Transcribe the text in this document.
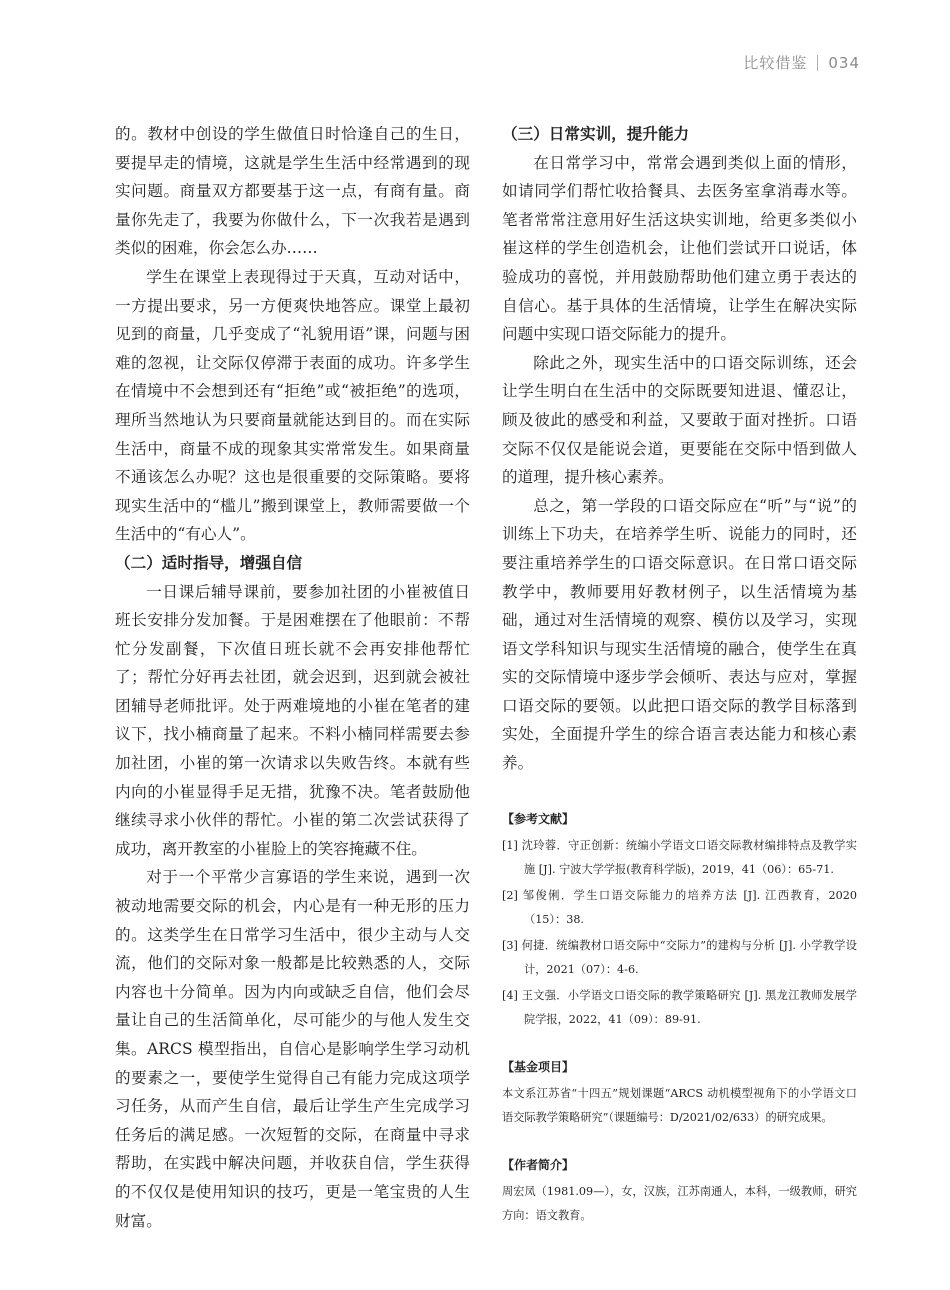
比较借鉴 034

的。教材中创设的学生做值日时恰逢自己的生日，要提早走的情境，这就是学生生活中经常遇到的现实问题。商量双方都要基于这一点，有商有量。商量你先走了，我要为你做什么，下一次我若是遇到类似的困难，你会怎么办……

学生在课堂上表现得过于天真，互动对话中，一方提出要求，另一方便爽快地答应。课堂上最初见到的商量，几乎变成了“礼貌用语”课，问题与困难的忽视，让交际仅停滞于表面的成功。许多学生在情境中不会想到还有“拒绝”或“被拒绝”的选项，理所当然地认为只要商量就能达到目的。而在实际生活中，商量不成的现象其实常常发生。如果商量不通该怎么办呢？这也是很重要的交际策略。要将现实生活中的“槛儿”搬到课堂上，教师需要做一个生活中的“有心人”。

（二）适时指导，增强自信

一日课后辅导课前，要参加社团的小崔被值日班长安排分发加餐。于是困难摆在了他眼前：不帮忙分发副餐，下次值日班长就不会再安排他帮忙了；帮忙分好再去社团，就会迟到，迟到就会被社团辅导老师批评。处于两难境地的小崔在笔者的建议下，找小楠商量了起来。不料小楠同样需要去参加社团，小崔的第一次请求以失败告终。本就有些内向的小崔显得手足无措，犹豫不决。笔者鼓励他继续寻求小伙伴的帮忙。小崔的第二次尝试获得了成功，离开教室的小崔脸上的笑容掩藏不住。

对于一个平常少言寡语的学生来说，遇到一次被动地需要交际的机会，内心是有一种无形的压力的。这类学生在日常学习生活中，很少主动与人交流，他们的交际对象一般都是比较熟悉的人，交际内容也十分简单。因为内向或缺乏自信，他们会尽量让自己的生活简单化，尽可能少的与他人发生交集。ARCS 模型指出，自信心是影响学生学习动机的要素之一，要使学生觉得自己有能力完成这项学习任务，从而产生自信，最后让学生产生完成学习任务后的满足感。一次短暂的交际，在商量中寻求帮助，在实践中解决问题，并收获自信，学生获得的不仅仅是使用知识的技巧，更是一笔宝贵的人生财富。

（三）日常实训，提升能力

在日常学习中，常常会遇到类似上面的情形，如请同学们帮忙收拾餐具、去医务室拿消毒水等。笔者常常注意用好生活这块实训地，给更多类似小崔这样的学生创造机会，让他们尝试开口说话，体验成功的喜悦，并用鼓励帮助他们建立勇于表达的自信心。基于具体的生活情境，让学生在解决实际问题中实现口语交际能力的提升。

除此之外，现实生活中的口语交际训练，还会让学生明白在生活中的交际既要知进退、懂忍让，顾及彼此的感受和利益，又要敢于面对挫折。口语交际不仅仅是能说会道，更要能在交际中悟到做人的道理，提升核心素养。

总之，第一学段的口语交际应在“听”与“说”的训练上下功夫，在培养学生听、说能力的同时，还要注重培养学生的口语交际意识。在日常口语交际教学中，教师要用好教材例子，以生活情境为基础，通过对生活情境的观察、模仿以及学习，实现语文学科知识与现实生活情境的融合，使学生在真实的交际情境中逐步学会倾听、表达与应对，掌握口语交际的要领。以此把口语交际的教学目标落到实处，全面提升学生的综合语言表达能力和核心素养。

【参考文献】
[1] 沈玲蓉．守正创新：统编小学语文口语交际教材编排特点及教学实施 [J]. 宁波大学学报(教育科学版)，2019，41（06）：65-71.
[2] 邹俊俐．学生口语交际能力的培养方法 [J]. 江西教育，2020（15）：38.
[3] 何捷．统编教材口语交际中“交际力”的建构与分析 [J]. 小学教学设计，2021（07）：4-6.
[4] 王文强．小学语文口语交际的教学策略研究 [J]. 黑龙江教师发展学院学报，2022，41（09）：89-91.
【基金项目】
本文系江苏省“十四五”规划课题“ARCS 动机模型视角下的小学语文口语交际教学策略研究”（课题编号：D/2021/02/633）的研究成果。
【作者简介】
周宏凤（1981.09—），女，汉族，江苏南通人，本科，一级教师，研究方向：语文教育。
